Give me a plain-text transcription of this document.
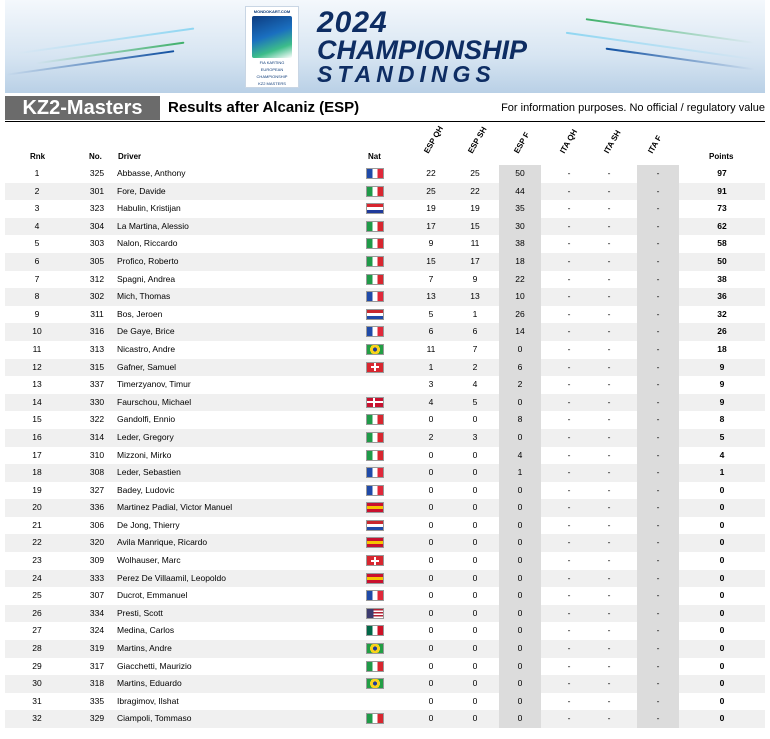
MONDOKART.COM
FIA KARTING
EUROPEAN
CHAMPIONSHIP
KZ2 MASTERS
2024
CHAMPIONSHIP
STANDINGS
KZ2-Masters	Results after Alcaniz (ESP)	For information purposes. No official / regulatory value
Rnk	No. Driver	Nat
ESP QH	ESP SH	ESP F	ITA QH	ITA SH	ITA F
Points
1	325	Abbasse, Anthony	22	25	50	-	-	-	97
2	301	Fore, Davide	25	22	44	-	-	-	91
3	323	Habulin, Kristijan	19	19	35	-	-	-	73
4	304	La Martina, Alessio	17	15	30	-	-	-	62
5	303	Nalon, Riccardo	9	11	38	-	-	-	58
6	305	Profico, Roberto	15	17	18	-	-	-	50
7	312	Spagni, Andrea	7	9	22	-	-	-	38
8	302	Mich, Thomas	13	13	10	-	-	-	36
9	311	Bos, Jeroen	5	1	26	-	-	-	32
10	316	De Gaye, Brice	6	6	14	-	-	-	26
11	313	Nicastro, Andre	11	7	0	-	-	-	18
12	315	Gafner, Samuel	1	2	6	-	-	-	9
13	337	Timerzyanov, Timur	3	4	2	-	-	-	9
14	330	Faurschou, Michael	4	5	0	-	-	-	9
15	322	Gandolfi, Ennio	0	0	8	-	-	-	8
16	314	Leder, Gregory	2	3	0	-	-	-	5
17	310	Mizzoni, Mirko	0	0	4	-	-	-	4
18	308	Leder, Sebastien	0	0	1	-	-	-	1
19	327	Badey, Ludovic	0	0	0	-	-	-	0
20	336	Martinez Padial, Victor Manuel	0	0	0	-	-	-	0
21	306	De Jong, Thierry	0	0	0	-	-	-	0
22	320	Avila Manrique, Ricardo	0	0	0	-	-	-	0
23	309	Wolhauser, Marc	0	0	0	-	-	-	0
24	333	Perez De Villaamil, Leopoldo	0	0	0	-	-	-	0
25	307	Ducrot, Emmanuel	0	0	0	-	-	-	0
26	334	Presti, Scott	0	0	0	-	-	-	0
27	324	Medina, Carlos	0	0	0	-	-	-	0
28	319	Martins, Andre	0	0	0	-	-	-	0
29	317	Giacchetti, Maurizio	0	0	0	-	-	-	0
30	318	Martins, Eduardo	0	0	0	-	-	-	0
31	335	Ibragimov, Ilshat	0	0	0	-	-	-	0
32	329	Ciampoli, Tommaso	0	0	0	-	-	-	0
